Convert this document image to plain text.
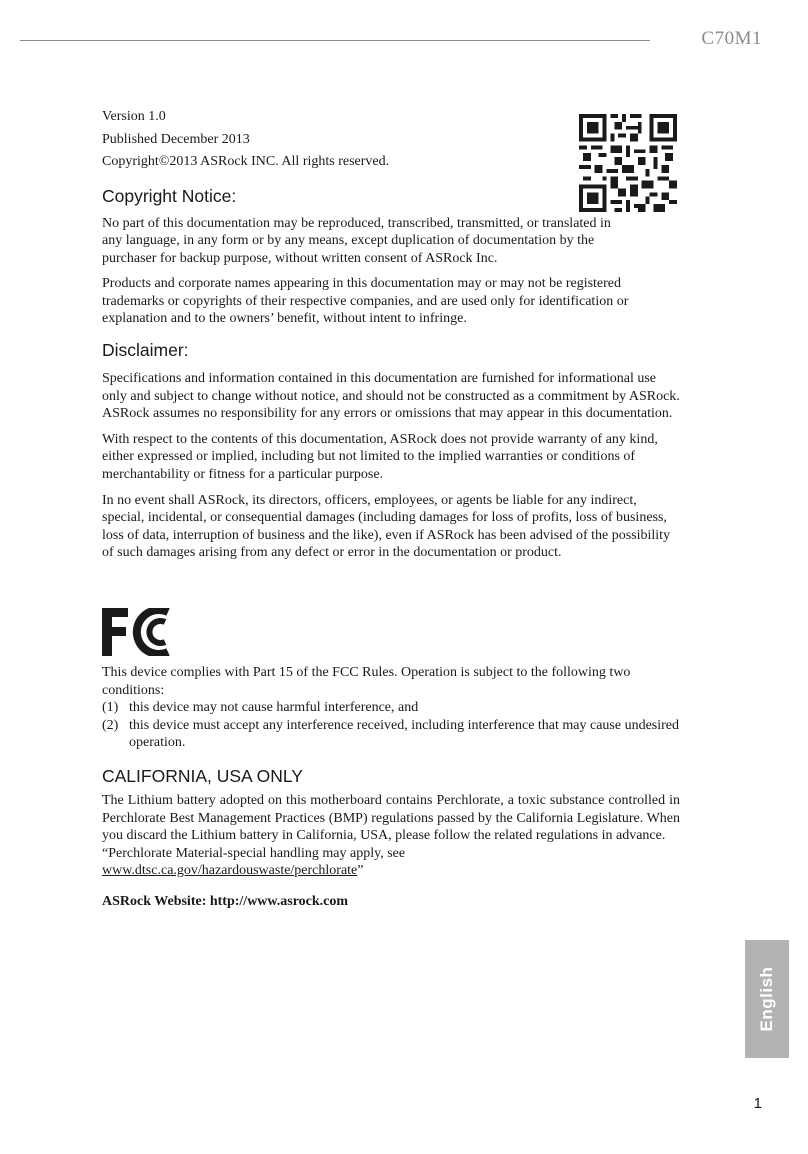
C70M1

Version 1.0

Published December 2013

Copyright©2013 ASRock INC. All rights reserved.

Copyright Notice:

No part of this documentation may be reproduced, transcribed, transmitted, or translated in any language, in any form or by any means, except duplication of documentation by the purchaser for backup purpose, without written consent of ASRock Inc.

Products and corporate names appearing in this documentation may or may not be registered trademarks or copyrights of their respective companies, and are used only for identification or explanation and to the owners’ benefit, without intent to infringe.

Disclaimer:

Specifications and information contained in this documentation are furnished for informational use only and subject to change without notice, and should not be constructed as a commitment by ASRock. ASRock assumes no responsibility for any errors or omissions that may appear in this documentation.

With respect to the contents of this documentation, ASRock does not provide warranty of any kind, either expressed or implied, including but not limited to the implied warranties or conditions of merchantability or fitness for a particular purpose.

In no event shall ASRock, its directors, officers, employees, or agents be liable for any indirect, special, incidental, or consequential damages (including damages for loss of profits, loss of business, loss of data, interruption of business and the like), even if ASRock has been advised of the possibility of such damages arising from any defect or error in the documentation or product.

This device complies with Part 15 of the FCC Rules. Operation is subject to the following two conditions:

(1) this device may not cause harmful interference, and
(2) this device must accept any interference received, including interference that may cause undesired operation.
CALIFORNIA, USA ONLY

The Lithium battery adopted on this motherboard contains Perchlorate, a toxic substance controlled in Perchlorate Best Management Practices (BMP) regulations passed by the California Legislature. When you discard the Lithium battery in California, USA, please follow the related regulations in advance.

“Perchlorate Material-special handling may apply, see
www.dtsc.ca.gov/hazardouswaste/perchlorate”
ASRock Website: http://www.asrock.com
English
1
